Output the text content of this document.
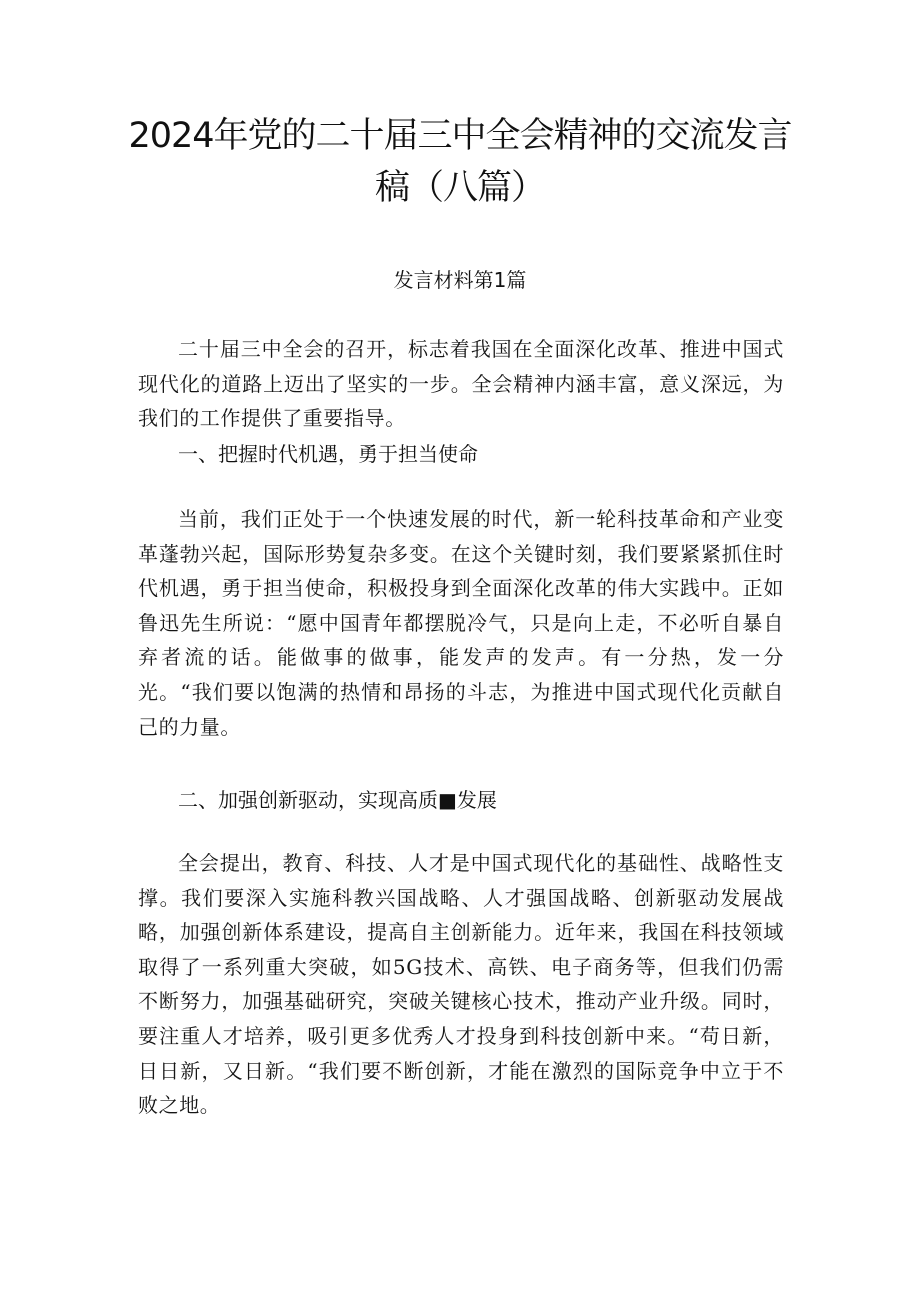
2024年党的二十届三中全会精神的交流发言稿（八篇）
发言材料第1篇

二十届三中全会的召开，标志着我国在全面深化改革、推进中国式现代化的道路上迈出了坚实的一步。全会精神内涵丰富，意义深远，为我们的工作提供了重要指导。

一、把握时代机遇，勇于担当使命

当前，我们正处于一个快速发展的时代，新一轮科技革命和产业变革蓬勃兴起，国际形势复杂多变。在这个关键时刻，我们要紧紧抓住时代机遇，勇于担当使命，积极投身到全面深化改革的伟大实践中。正如鲁迅先生所说：“愿中国青年都摆脱冷气，只是向上走，不必听自暴自弃者流的话。能做事的做事，能发声的发声。有一分热，发一分光。“我们要以饱满的热情和昂扬的斗志，为推进中国式现代化贡献自己的力量。

二、加强创新驱动，实现高质■发展

全会提出，教育、科技、人才是中国式现代化的基础性、战略性支撑。我们要深入实施科教兴国战略、人才强国战略、创新驱动发展战略，加强创新体系建设，提高自主创新能力。近年来，我国在科技领域取得了一系列重大突破，如5G技术、高铁、电子商务等，但我们仍需不断努力，加强基础研究，突破关键核心技术，推动产业升级。同时，要注重人才培养，吸引更多优秀人才投身到科技创新中来。“苟日新，日日新，又日新。“我们要不断创新，才能在激烈的国际竞争中立于不败之地。
